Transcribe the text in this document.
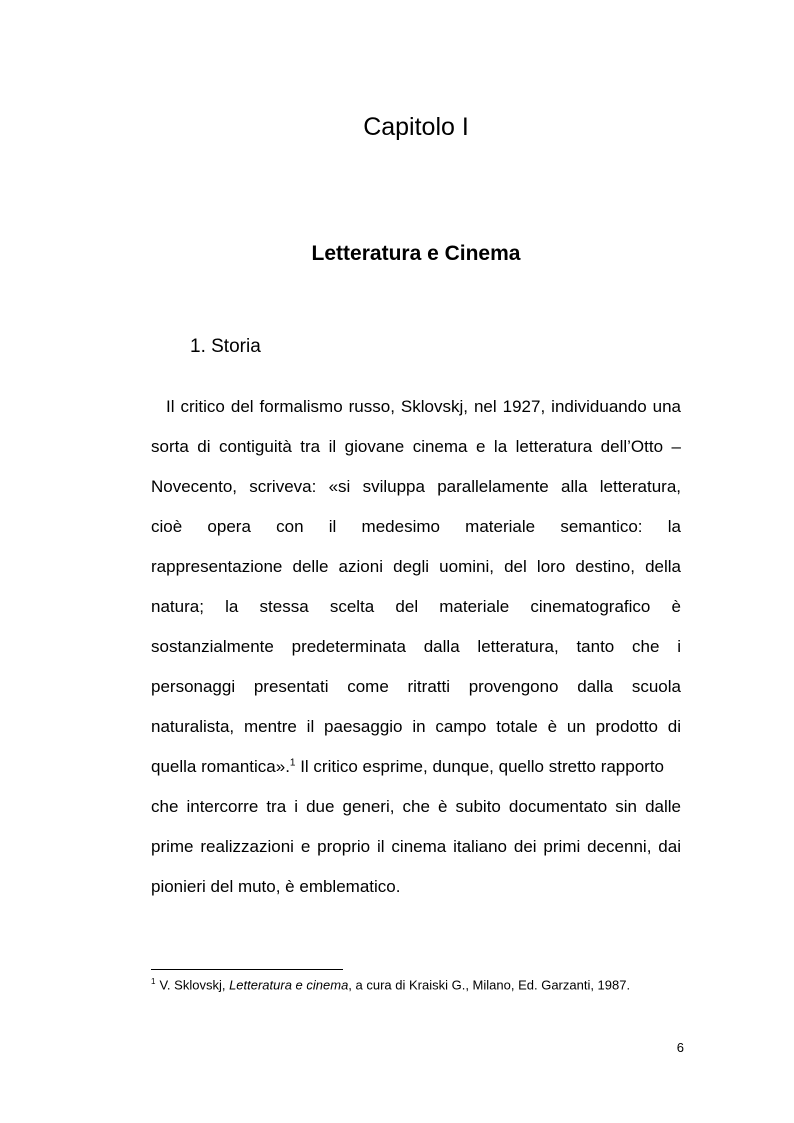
Capitolo I
Letteratura e Cinema
1. Storia
Il critico del formalismo russo, Sklovskj, nel 1927, individuando una
sorta di contiguità tra il giovane cinema e la letteratura dell’Otto –
Novecento, scriveva: «si sviluppa parallelamente alla letteratura,
cioè opera con il medesimo materiale semantico: la
rappresentazione delle azioni degli uomini, del loro destino, della
natura; la stessa scelta del materiale cinematografico è
sostanzialmente predeterminata dalla letteratura, tanto che i
personaggi presentati come ritratti provengono dalla scuola
naturalista, mentre il paesaggio in campo totale è un prodotto di
quella romantica».$^1$ Il critico esprime, dunque, quello stretto rapporto
che intercorre tra i due generi, che è subito documentato sin dalle
prime realizzazioni e proprio il cinema italiano dei primi decenni, dai
pionieri del muto, è emblematico.
$^1$ V. Sklovskj, Letteratura e cinema, a cura di Kraiski G., Milano, Ed. Garzanti, 1987.
6
